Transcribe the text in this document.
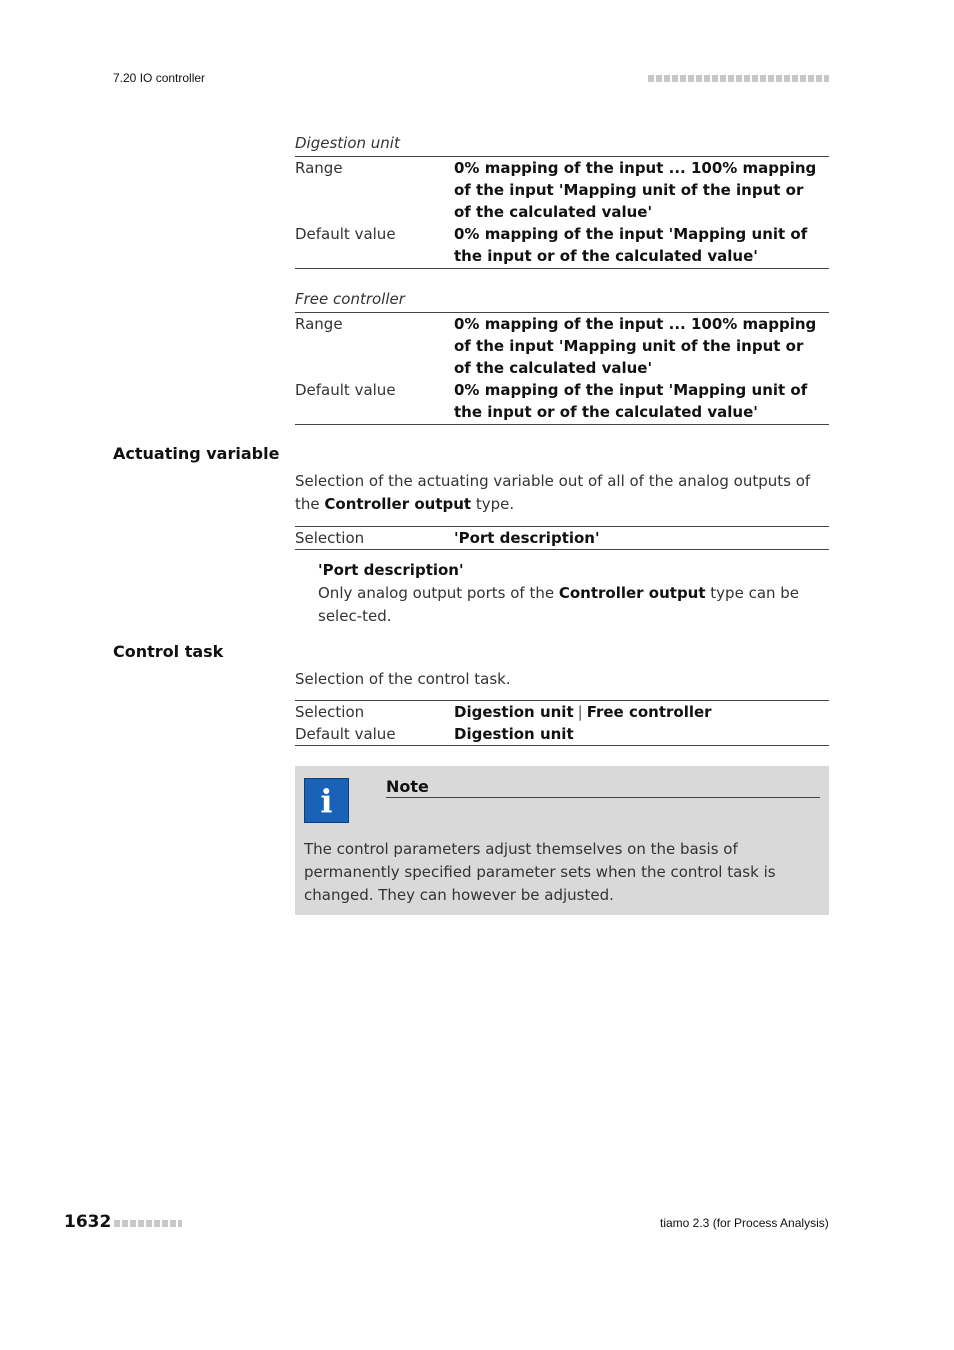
7.20 IO controller
Digestion unit
Range	0% mapping of the input ... 100% mapping of the input 'Mapping unit of the input or of the calculated value'
Default value	0% mapping of the input 'Mapping unit of the input or of the calculated value'
Free controller
Range	0% mapping of the input ... 100% mapping of the input 'Mapping unit of the input or of the calculated value'
Default value	0% mapping of the input 'Mapping unit of the input or of the calculated value'
Actuating variable
Selection of the actuating variable out of all of the analog outputs of the Controller output type.
Selection	'Port description'
'Port description'
Only analog output ports of the Controller output type can be selec-ted.
Control task
Selection of the control task.
Selection	Digestion unit | Free controller
Default value	Digestion unit
i	Note
The control parameters adjust themselves on the basis of permanently specified parameter sets when the control task is changed. They can however be adjusted.
1632	tiamo 2.3 (for Process Analysis)
